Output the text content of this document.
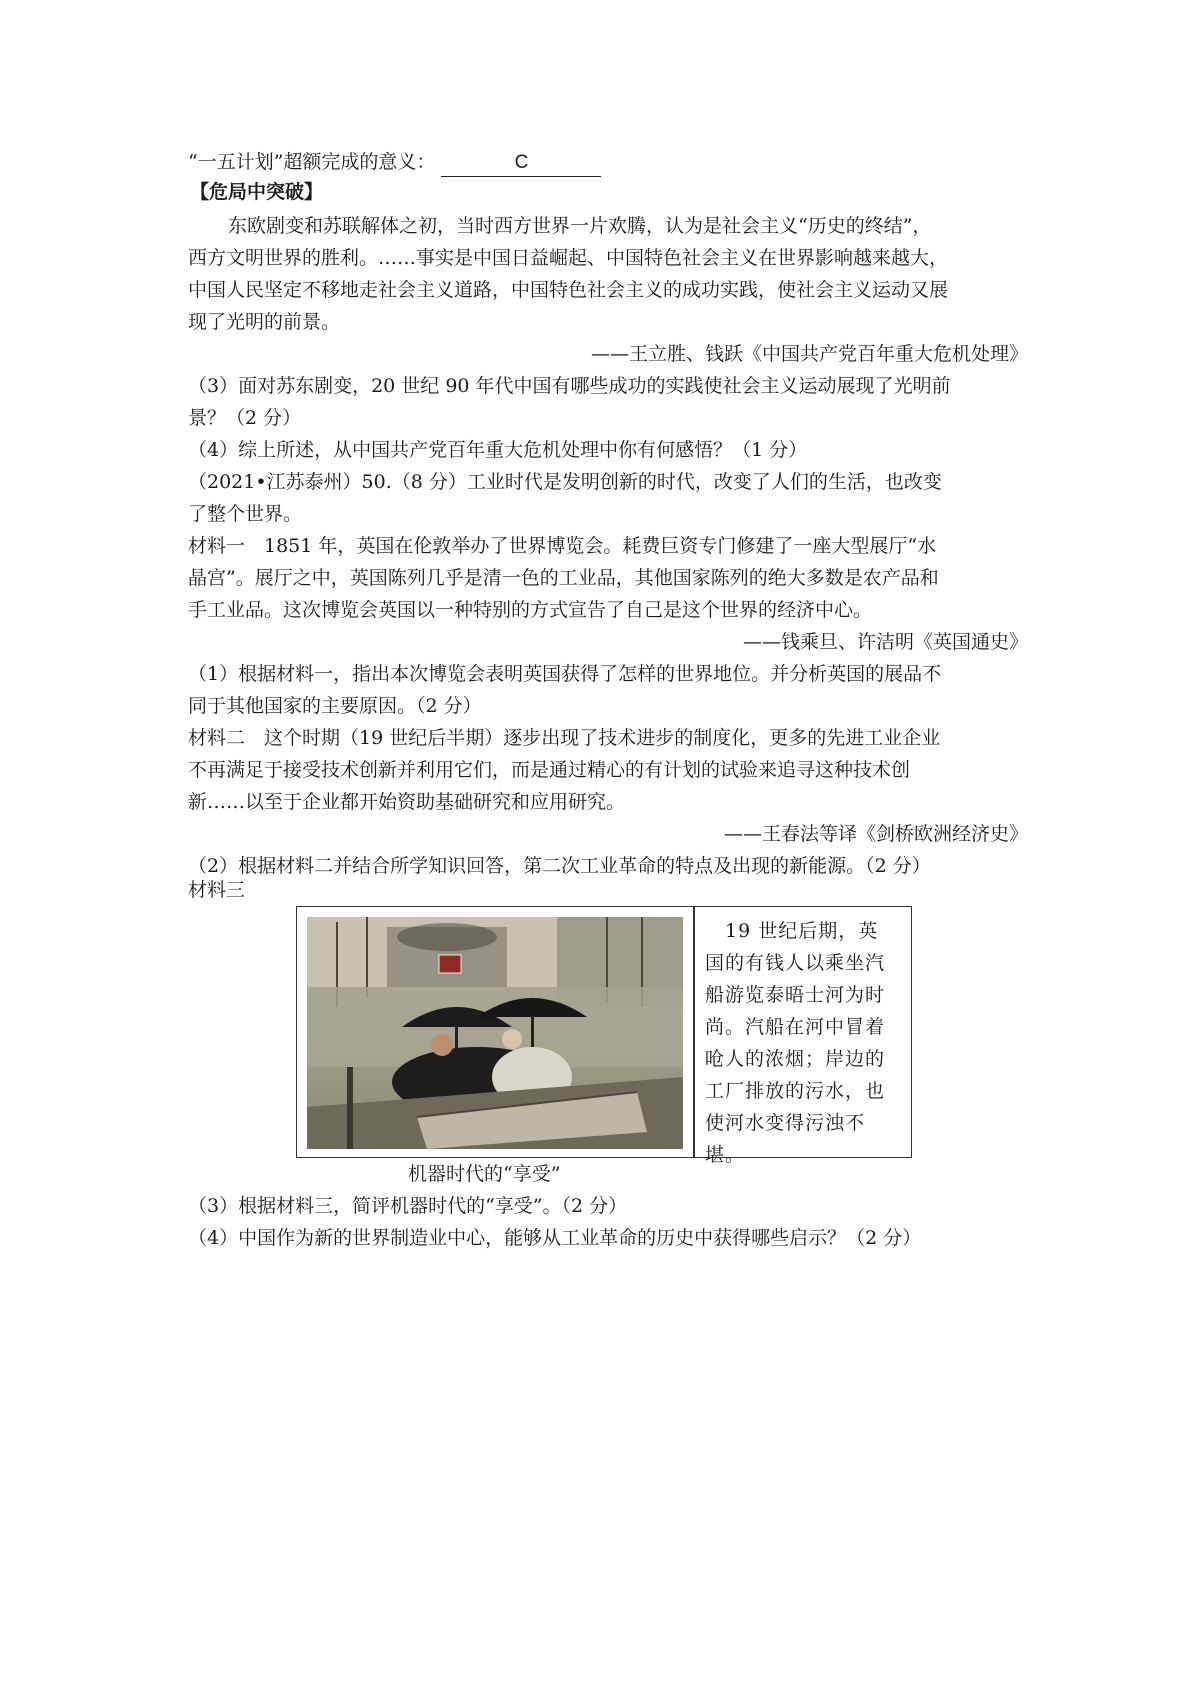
“一五计划”超额完成的意义：	C
【危局中突破】
东欧剧变和苏联解体之初，当时西方世界一片欢腾，认为是社会主义“历史的终结”，
西方文明世界的胜利。……事实是中国日益崛起、中国特色社会主义在世界影响越来越大，
中国人民坚定不移地走社会主义道路，中国特色社会主义的成功实践，使社会主义运动又展
现了光明的前景。
——王立胜、钱跃《中国共产党百年重大危机处理》
（3）面对苏东剧变，20 世纪 90 年代中国有哪些成功的实践使社会主义运动展现了光明前
景？（2 分）
（4）综上所述，从中国共产党百年重大危机处理中你有何感悟？（1 分）
（2021•江苏泰州）50.（8 分）工业时代是发明创新的时代，改变了人们的生活，也改变
了整个世界。
材料一　1851 年，英国在伦敦举办了世界博览会。耗费巨资专门修建了一座大型展厅“水
晶宫”。展厅之中，英国陈列几乎是清一色的工业品，其他国家陈列的绝大多数是农产品和
手工业品。这次博览会英国以一种特别的方式宣告了自己是这个世界的经济中心。
——钱乘旦、许洁明《英国通史》
（1）根据材料一，指出本次博览会表明英国获得了怎样的世界地位。并分析英国的展品不
同于其他国家的主要原因。（2 分）
材料二　这个时期（19 世纪后半期）逐步出现了技术进步的制度化，更多的先进工业企业
不再满足于接受技术创新并利用它们，而是通过精心的有计划的试验来追寻这种技术创
新……以至于企业都开始资助基础研究和应用研究。
——王春法等译《剑桥欧洲经济史》
（2）根据材料二并结合所学知识回答，第二次工业革命的特点及出现的新能源。（2 分）
材料三
　19 世纪后期，英
国的有钱人以乘坐汽
船游览泰晤士河为时
尚。汽船在河中冒着
呛人的浓烟；岸边的
工厂排放的污水，也
使河水变得污浊不
堪。
机器时代的“享受”
（3）根据材料三，简评机器时代的“享受”。（2 分）
（4）中国作为新的世界制造业中心，能够从工业革命的历史中获得哪些启示？（2 分）
